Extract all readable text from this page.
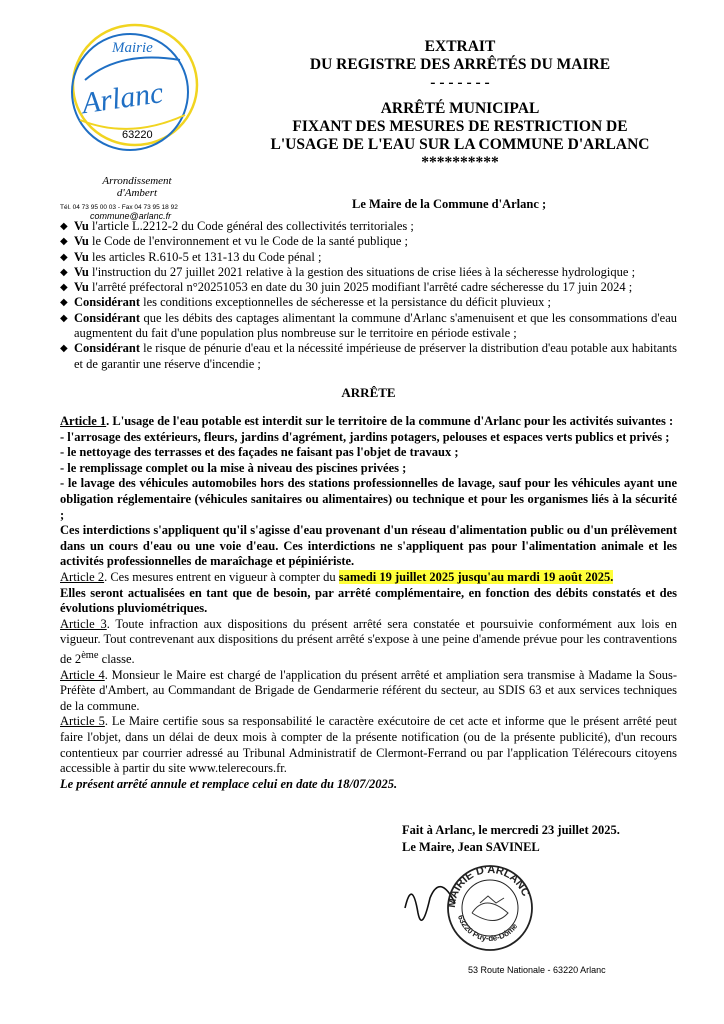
Mairie
Arlanc
63220
Arrondissement
d'Ambert
Tél. 04 73 95 00 03 - Fax 04 73 95 18 92
commune@arlanc.fr
EXTRAIT
DU REGISTRE DES ARRÊTÉS DU MAIRE
- - - - - - -
ARRÊTÉ MUNICIPAL
FIXANT DES MESURES DE RESTRICTION DE
L'USAGE DE L'EAU SUR LA COMMUNE D'ARLANC
**********
Le Maire de la Commune d'Arlanc ;
◆ Vu l'article L.2212-2 du Code général des collectivités territoriales ;
◆ Vu le Code de l'environnement et vu le Code de la santé publique ;
◆ Vu les articles R.610-5 et 131-13 du Code pénal ;
◆ Vu l'instruction du 27 juillet 2021 relative à la gestion des situations de crise liées à la sécheresse hydrologique ;
◆ Vu l'arrêté préfectoral n°20251053 en date du 30 juin 2025 modifiant l'arrêté cadre sécheresse du 17 juin 2024 ;
◆ Considérant les conditions exceptionnelles de sécheresse et la persistance du déficit pluvieux ;
◆ Considérant que les débits des captages alimentant la commune d'Arlanc s'amenuisent et que les consommations d'eau augmentent du fait d'une population plus nombreuse sur le territoire en période estivale ;
◆ Considérant le risque de pénurie d'eau et la nécessité impérieuse de préserver la distribution d'eau potable aux habitants et de garantir une réserve d'incendie ;
ARRÊTE

Article 1. L'usage de l'eau potable est interdit sur le territoire de la commune d'Arlanc pour les activités suivantes :

- l'arrosage des extérieurs, fleurs, jardins d'agrément, jardins potagers, pelouses et espaces verts publics et privés ;

- le nettoyage des terrasses et des façades ne faisant pas l'objet de travaux ;

- le remplissage complet ou la mise à niveau des piscines privées ;

- le lavage des véhicules automobiles hors des stations professionnelles de lavage, sauf pour les véhicules ayant une obligation réglementaire (véhicules sanitaires ou alimentaires) ou technique et pour les organismes liés à la sécurité ;

Ces interdictions s'appliquent qu'il s'agisse d'eau provenant d'un réseau d'alimentation public ou d'un prélèvement dans un cours d'eau ou une voie d'eau. Ces interdictions ne s'appliquent pas pour l'alimentation animale et les activités professionnelles de maraîchage et pépiniériste.

Article 2. Ces mesures entrent en vigueur à compter du samedi 19 juillet 2025 jusqu'au mardi 19 août 2025.

Elles seront actualisées en tant que de besoin, par arrêté complémentaire, en fonction des débits constatés et des évolutions pluviométriques.

Article 3. Toute infraction aux dispositions du présent arrêté sera constatée et poursuivie conformément aux lois en vigueur. Tout contrevenant aux dispositions du présent arrêté s'expose à une peine d'amende prévue pour les contraventions de 2ème classe.

Article 4. Monsieur le Maire est chargé de l'application du présent arrêté et ampliation sera transmise à Madame la Sous-Préfète d'Ambert, au Commandant de Brigade de Gendarmerie référent du secteur, au SDIS 63 et aux services techniques de la commune.

Article 5. Le Maire certifie sous sa responsabilité le caractère exécutoire de cet acte et informe que le présent arrêté peut faire l'objet, dans un délai de deux mois à compter de la présente notification (ou de la présente publicité), d'un recours contentieux par courrier adressé au Tribunal Administratif de Clermont-Ferrand ou par l'application Télérecours citoyens accessible à partir du site www.telerecours.fr.

Le présent arrêté annule et remplace celui en date du 18/07/2025.

Fait à Arlanc, le mercredi 23 juillet 2025.
Le Maire, Jean SAVINEL
MAIRIE D'ARLANC
63220 Puy-de-Dôme
53 Route Nationale - 63220 Arlanc
